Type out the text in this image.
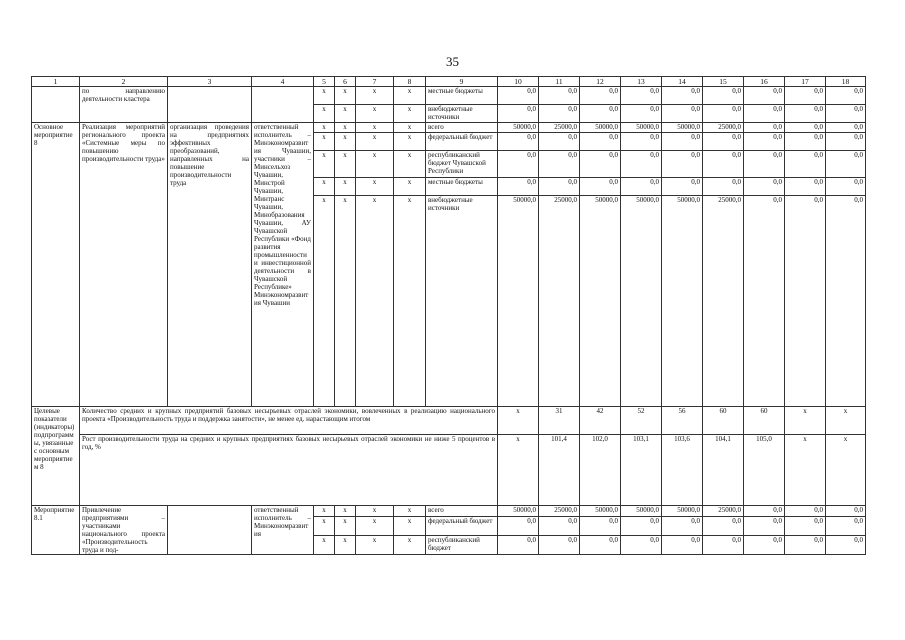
35
1	2	3	4	5	6	7	8	9	10	11	12	13	14	15	16	17	18	
	по направлению деятельности кластера			х	х	х	х	местные бюджеты	0,0	0,0	0,0	0,0	0,0	0,0	0,0	0,0	0,0	
				х	х	х	х	внебюджетные источники	0,0	0,0	0,0	0,0	0,0	0,0	0,0	0,0	0,0	
Основное мероприятие 8	Реализация мероприятий регионального проекта «Системные меры по повышению производительности труда»	организация проведения на предприятиях эффективных преобразований, направленных на повышение производительности труда	ответственный исполнитель – Минэкономразвития Чувашии, участники – Минсельхоз Чувашии, Минстрой Чувашии, Минтранс Чувашии, Минобразования Чувашии, АУ Чувашской Республики «Фонд развития промышленности и инвестиционной деятельности в Чувашской Республике» Минэкономразвития Чувашии	х	х	х	х	всего	50000,0	25000,0	50000,0	50000,0	50000,0	25000,0	0,0	0,0	0,0	
				х	х	х	х	федеральный бюджет	0,0	0,0	0,0	0,0	0,0	0,0	0,0	0,0	0,0	
				х	х	х	х	республиканский бюджет Чувашской Республики	0,0	0,0	0,0	0,0	0,0	0,0	0,0	0,0	0,0	
				х	х	х	х	местные бюджеты	0,0	0,0	0,0	0,0	0,0	0,0	0,0	0,0	0,0	
				х	х	х	х	внебюджетные источники	50000,0	25000,0	50000,0	50000,0	50000,0	25000,0	0,0	0,0	0,0	
Целевые показатели (индикаторы) подпрограммы, увязанные с основным мероприятием 8	Количество средних и крупных предприятий базовых несырьевых отраслей экономики, вовлеченных в реализацию национального проекта «Производительность труда и поддержка занятости», не менее ед. нарастающим итогом								х	31	42	52	56	60	60	х	х	
	Рост производительности труда на средних и крупных предприятиях базовых несырьевых отраслей экономики не ниже 5 процентов в год, %								х	101,4	102,0	103,1	103,6	104,1	105,0	х	х	
Мероприятие 8.1	Привлечение предприятиями – участниками национального проекта «Производительность труда и под-		ответственный исполнитель – Минэкономразвития	х	х	х	х	всего	50000,0	25000,0	50000,0	50000,0	50000,0	25000,0	0,0	0,0	0,0	
				х	х	х	х	федеральный бюджет	0,0	0,0	0,0	0,0	0,0	0,0	0,0	0,0	0,0	
				х	х	х	х	республиканский бюджет	0,0	0,0	0,0	0,0	0,0	0,0	0,0	0,0	0,0	
